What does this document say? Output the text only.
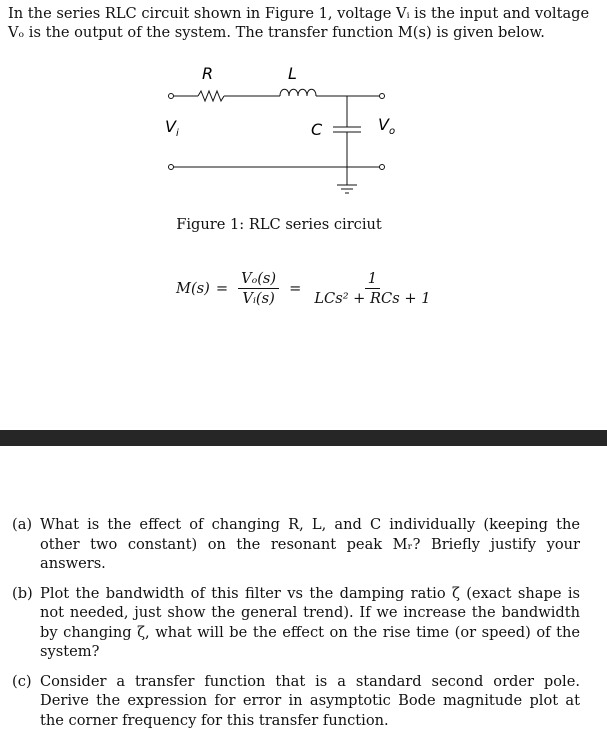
In the series RLC circuit shown in Figure 1, voltage Vᵢ is the input and voltage Vₒ is the output of the system. The transfer function M(s) is given below.
R	L
C
$V_i$	$V_o$
Figure 1: RLC series circiut
$M(s) = \frac{\text{Vₒ(s)}}{\text{Vᵢ(s)}} = \frac{1}{\text{LCs² + RCs + 1}}$
(a) What is the effect of changing R, L, and C individually (keeping the other two constant) on the resonant peak Mᵣ? Briefly justify your answers.
(b) Plot the bandwidth of this filter vs the damping ratio ζ (exact shape is not needed, just show the general trend). If we increase the bandwidth by changing ζ, what will be the effect on the rise time (or speed) of the system?
(c) Consider a transfer function that is a standard second order pole. Derive the expression for error in asymptotic Bode magnitude plot at the corner frequency for this transfer function.
